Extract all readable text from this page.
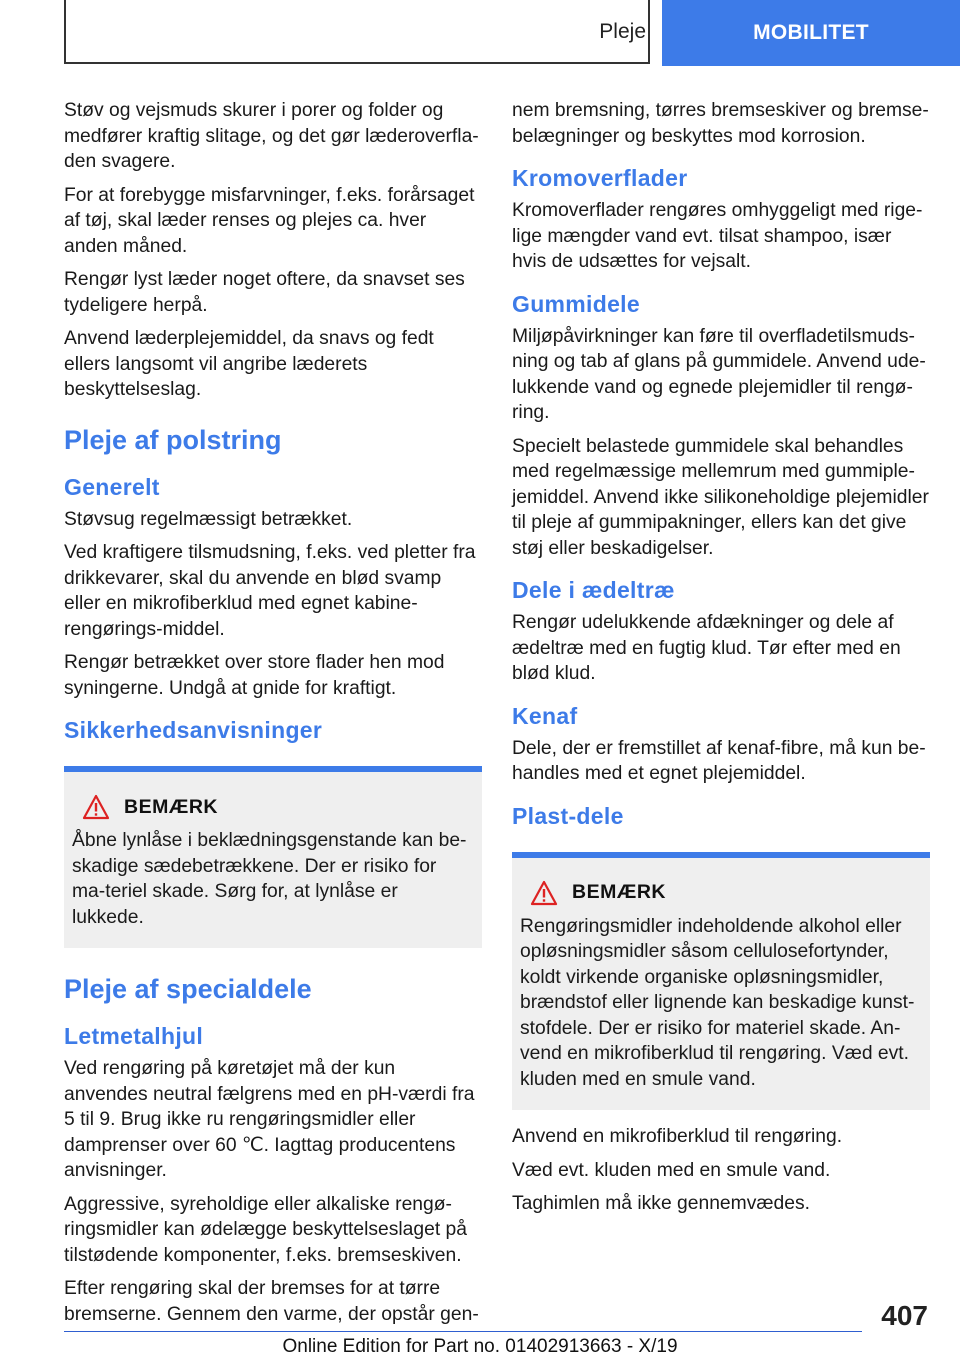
Pleje	MOBILITET

Støv og vejsmuds skurer i porer og folder og medfører kraftig slitage, og det gør læderoverfla-den svagere.

For at forebygge misfarvninger, f.eks. forårsaget af tøj, skal læder renses og plejes ca. hver anden måned.

Rengør lyst læder noget oftere, da snavset ses tydeligere herpå.

Anvend læderplejemiddel, da snavs og fedt ellers langsomt vil angribe læderets beskyttelseslag.

Pleje af polstring
Generelt

Støvsug regelmæssigt betrækket.

Ved kraftigere tilsmudsning, f.eks. ved pletter fra drikkevarer, skal du anvende en blød svamp eller en mikrofiberklud med egnet kabine-rengørings-middel.

Rengør betrækket over store flader hen mod syningerne. Undgå at gnide for kraftigt.

Sikkerhedsanvisninger
BEMÆRK

Åbne lynlåse i beklædningsgenstande kan be-skadige sædebetrækkene. Der er risiko for ma-teriel skade. Sørg for, at lynlåse er lukkede.

Pleje af specialdele
Letmetalhjul

Ved rengøring på køretøjet må der kun anvendes neutral fælgrens med en pH-værdi fra 5 til 9. Brug ikke ru rengøringsmidler eller damprenser over 60 ℃. Iagttag producentens anvisninger.

Aggressive, syreholdige eller alkaliske rengø-ringsmidler kan ødelægge beskyttelseslaget på tilstødende komponenter, f.eks. bremseskiven.

Efter rengøring skal der bremses for at tørre bremserne. Gennem den varme, der opstår gen-

nem bremsning, tørres bremseskiver og bremse-belægninger og beskyttes mod korrosion.

Kromoverflader

Kromoverflader rengøres omhyggeligt med rige-lige mængder vand evt. tilsat shampoo, især hvis de udsættes for vejsalt.

Gummidele

Miljøpåvirkninger kan føre til overfladetilsmuds-ning og tab af glans på gummidele. Anvend ude-lukkende vand og egnede plejemidler til rengø-ring.

Specielt belastede gummidele skal behandles med regelmæssige mellemrum med gummiple-jemiddel. Anvend ikke silikoneholdige plejemidler til pleje af gummipakninger, ellers kan det give støj eller beskadigelser.

Dele i ædeltræ

Rengør udelukkende afdækninger og dele af ædeltræ med en fugtig klud. Tør efter med en blød klud.

Kenaf

Dele, der er fremstillet af kenaf-fibre, må kun be-handles med et egnet plejemiddel.

Plast-dele
BEMÆRK

Rengøringsmidler indeholdende alkohol eller opløsningsmidler såsom cellulosefortynder, koldt virkende organiske opløsningsmidler, brændstof eller lignende kan beskadige kunst-stofdele. Der er risiko for materiel skade. An-vend en mikrofiberklud til rengøring. Væd evt. kluden med en smule vand.

Anvend en mikrofiberklud til rengøring.

Væd evt. kluden med en smule vand.

Taghimlen må ikke gennemvædes.

407
Online Edition for Part no. 01402913663 - X/19
